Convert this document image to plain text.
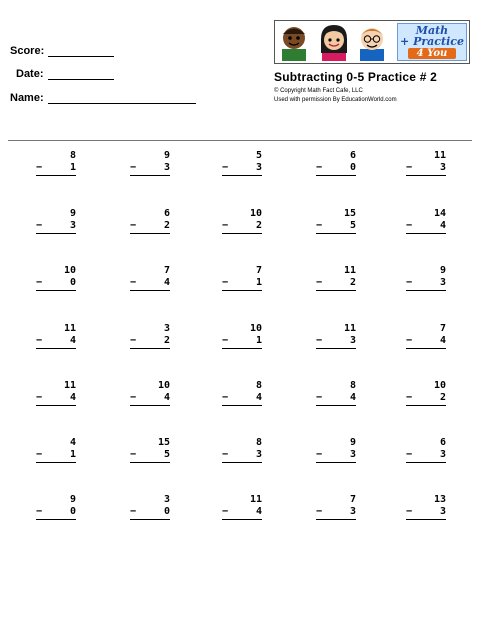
Score:
Date:
Name:
Math
+ Practice
4 You
Subtracting 0-5 Practice # 2
© Copyright Math Fact Cafe, LLC
Used with permission By EducationWorld.com
8
−	1
9
−	3
5
−	3
6
−	0
11
−	3
9
−	3
6
−	2
10
−	2
15
−	5
14
−	4
10
−	0
7
−	4
7
−	1
11
−	2
9
−	3
11
−	4
3
−	2
10
−	1
11
−	3
7
−	4
11
−	4
10
−	4
8
−	4
8
−	4
10
−	2
4
−	1
15
−	5
8
−	3
9
−	3
6
−	3
9
−	0
3
−	0
11
−	4
7
−	3
13
−	3
